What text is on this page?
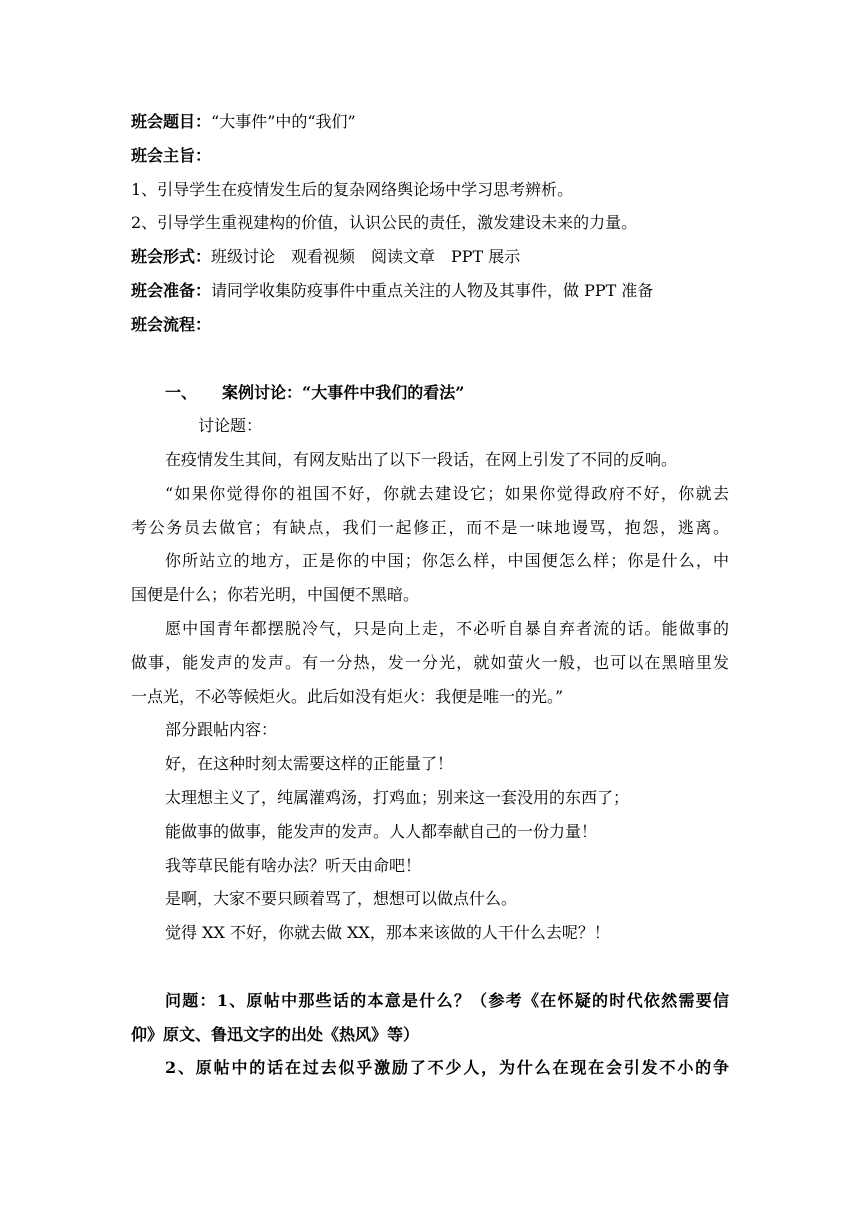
班会题目：“大事件”中的“我们”
班会主旨：
1、引导学生在疫情发生后的复杂网络舆论场中学习思考辨析。
2、引导学生重视建构的价值，认识公民的责任，激发建设未来的力量。
班会形式：班级讨论　观看视频　阅读文章　PPT 展示
班会准备：请同学收集防疫事件中重点关注的人物及其事件，做 PPT 准备
班会流程：
一、 案例讨论：“大事件中我们的看法”
讨论题：
在疫情发生其间，有网友贴出了以下一段话，在网上引发了不同的反响。
“如果你觉得你的祖国不好，你就去建设它；如果你觉得政府不好，你就去
考公务员去做官；有缺点，我们一起修正，而不是一味地谩骂，抱怨，逃离。
你所站立的地方，正是你的中国；你怎么样，中国便怎么样；你是什么，中
国便是什么；你若光明，中国便不黑暗。
愿中国青年都摆脱冷气，只是向上走，不必听自暴自弃者流的话。能做事的
做事，能发声的发声。有一分热，发一分光，就如萤火一般，也可以在黑暗里发
一点光，不必等候炬火。此后如没有炬火：我便是唯一的光。”
部分跟帖内容：
好，在这种时刻太需要这样的正能量了！
太理想主义了，纯属灌鸡汤，打鸡血；别来这一套没用的东西了；
能做事的做事，能发声的发声。人人都奉献自己的一份力量！
我等草民能有啥办法？听天由命吧！
是啊，大家不要只顾着骂了，想想可以做点什么。
觉得 XX 不好，你就去做 XX，那本来该做的人干什么去呢？！
问题：1、原帖中那些话的本意是什么？（参考《在怀疑的时代依然需要信
仰》原文、鲁迅文字的出处《热风》等）
2、原帖中的话在过去似乎激励了不少人，为什么在现在会引发不小的争
